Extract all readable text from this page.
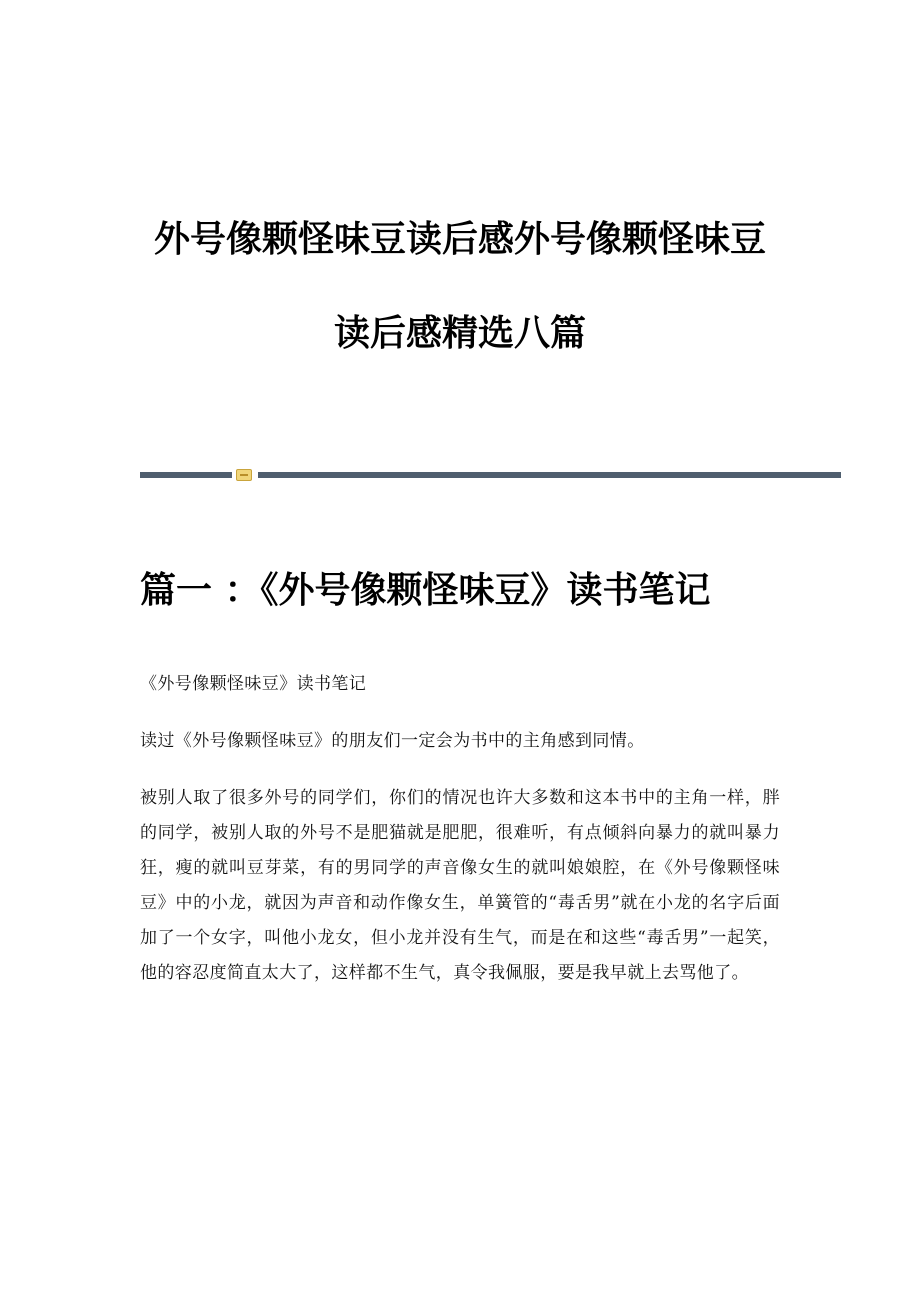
外号像颗怪味豆读后感外号像颗怪味豆
读后感精选八篇
篇一 ：《外号像颗怪味豆》读书笔记

《外号像颗怪味豆》读书笔记

读过《外号像颗怪味豆》的朋友们一定会为书中的主角感到同情。

被别人取了很多外号的同学们，你们的情况也许大多数和这本书中的主角一样，胖的同学，被别人取的外号不是肥猫就是肥肥，很难听，有点倾斜向暴力的就叫暴力狂，瘦的就叫豆芽菜，有的男同学的声音像女生的就叫娘娘腔，在《外号像颗怪味豆》中的小龙，就因为声音和动作像女生，单簧管的“毒舌男”就在小龙的名字后面加了一个女字，叫他小龙女，但小龙并没有生气，而是在和这些“毒舌男”一起笑，他的容忍度简直太大了，这样都不生气，真令我佩服，要是我早就上去骂他了。
